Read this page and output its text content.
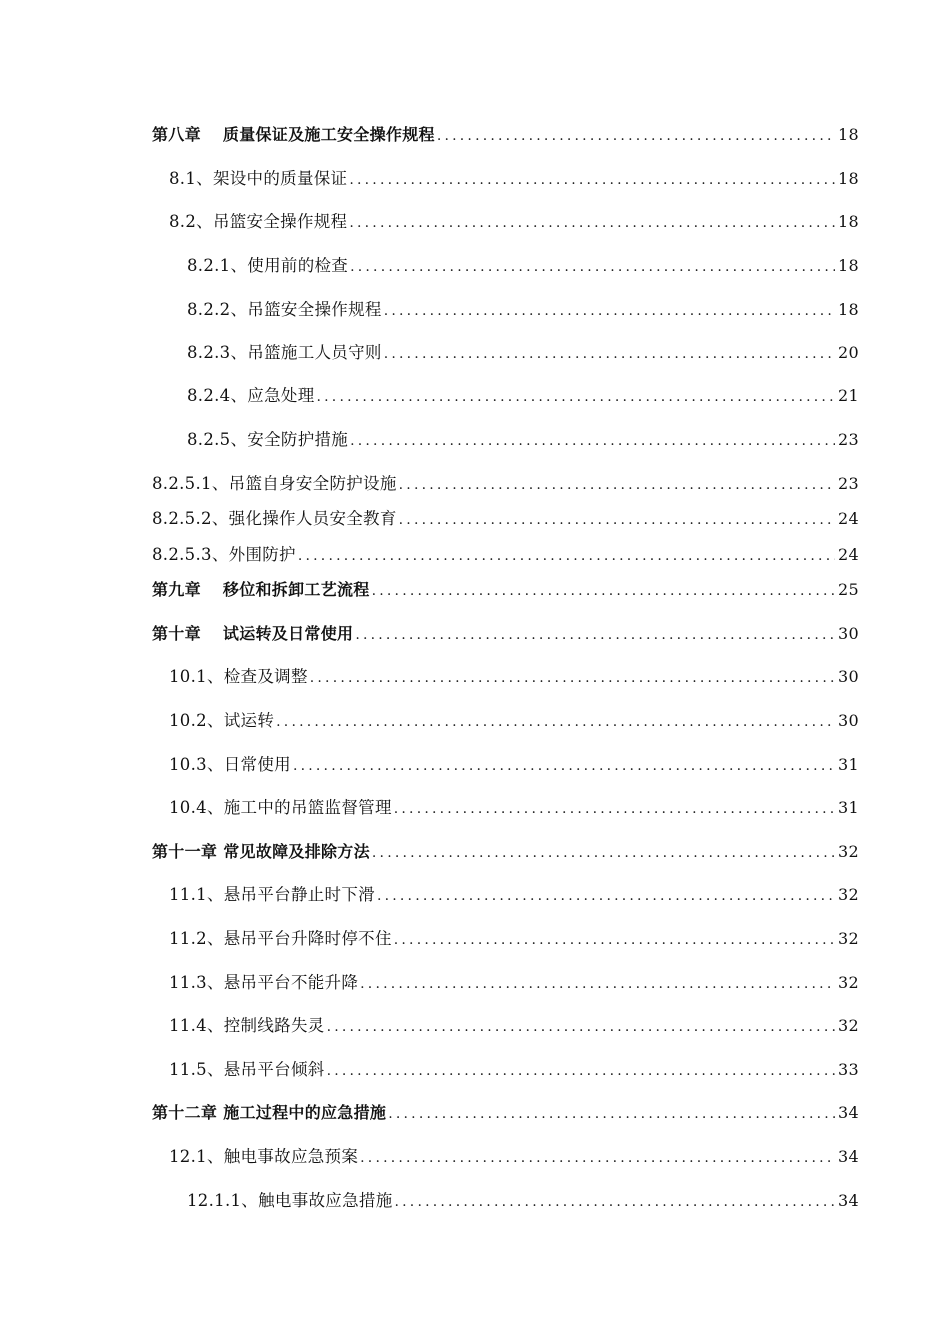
第八章 质量保证及施工安全操作规程 .....	18
8.1、 架设中的质量保证 .....	18
8.2、 吊篮安全操作规程 .....	18
8.2.1、 使用前的检查 .....	18
8.2.2、 吊篮安全操作规程 .....	18
8.2.3、 吊篮施工人员守则 .....	20
8.2.4、 应急处理 .....	21
8.2.5、 安全防护措施 .....	23
8.2.5.1、 吊篮自身安全防护设施 .....	23
8.2.5.2、 强化操作人员安全教育 .....	24
8.2.5.3、 外围防护 .....	24
第九章 移位和拆卸工艺流程 .....	25
第十章 试运转及日常使用 .....	30
10.1、 检查及调整 .....	30
10.2、 试运转 .....	30
10.3、 日常使用 .....	31
10.4、 施工中的吊篮监督管理 .....	31
第十一章 常见故障及排除方法 .....	32
11.1、 悬吊平台静止时下滑 .....	32
11.2、 悬吊平台升降时停不住 .....	32
11.3、 悬吊平台不能升降 .....	32
11.4、 控制线路失灵 .....	32
11.5、 悬吊平台倾斜 .....	33
第十二章 施工过程中的应急措施 .....	34
12.1、 触电事故应急预案 .....	34
12.1.1、 触电事故应急措施 .....	34
